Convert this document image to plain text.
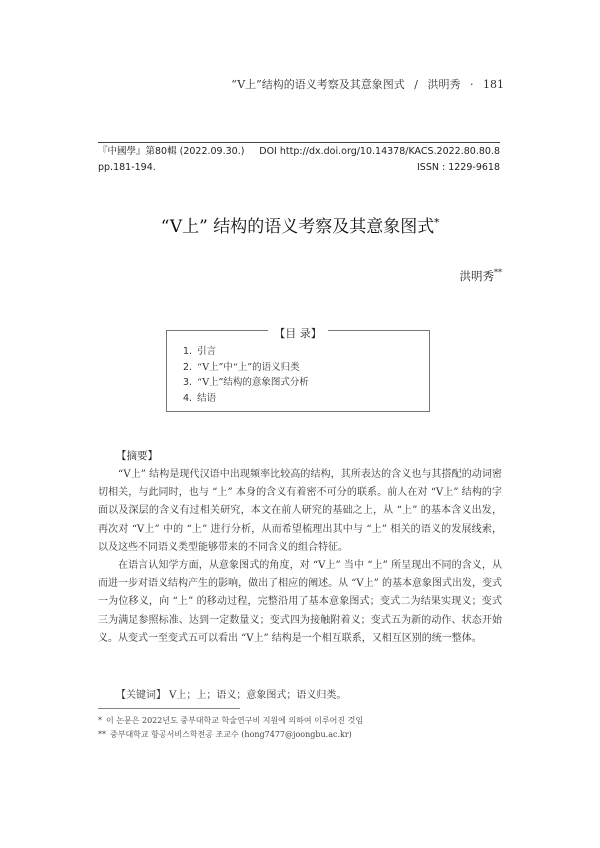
“V上”结构的语义考察及其意象图式 / 洪明秀 · 181
『中國學』第80輯 (2022.09.30.) DOI http://dx.doi.org/10.14378/KACS.2022.80.80.8
pp.181-194.	ISSN : 1229-9618
“V上” 结构的语义考察及其意象图式*
洪明秀**
【目 录】
1. 引言
2. “V上”中“上”的语义归类
3. “V上”结构的意象图式分析
4. 结语
【摘要】

“V上” 结构是现代汉语中出现频率比较高的结构，其所表达的含义也与其搭配的动词密切相关，与此同时，也与 “上” 本身的含义有着密不可分的联系。前人在对 “V上” 结构的字面以及深层的含义有过相关研究，本文在前人研究的基础之上，从 “上” 的基本含义出发，再次对 “V上” 中的 “上” 进行分析，从而希望梳理出其中与 “上” 相关的语义的发展线索，以及这些不同语义类型能够带来的不同含义的组合特征。

在语言认知学方面，从意象图式的角度，对 “V上” 当中 “上” 所呈现出不同的含义，从而进一步对语义结构产生的影响，做出了相应的阐述。从 “V上” 的基本意象图式出发，变式一为位移义，向 “上” 的移动过程，完整沿用了基本意象图式；变式二为结果实现义；变式三为满足参照标准、达到一定数量义；变式四为接触附着义；变式五为新的动作、状态开始义。从变式一至变式五可以看出 “V上” 结构是一个相互联系，又相互区别的统一整体。

【关键词】 V上；上；语义；意象图式；语义归类。
* 이 논문은 2022년도 중부대학교 학술연구비 지원에 의하여 이루어진 것임
** 중부대학교 항공서비스학전공 조교수 (hong7477@joongbu.ac.kr)
